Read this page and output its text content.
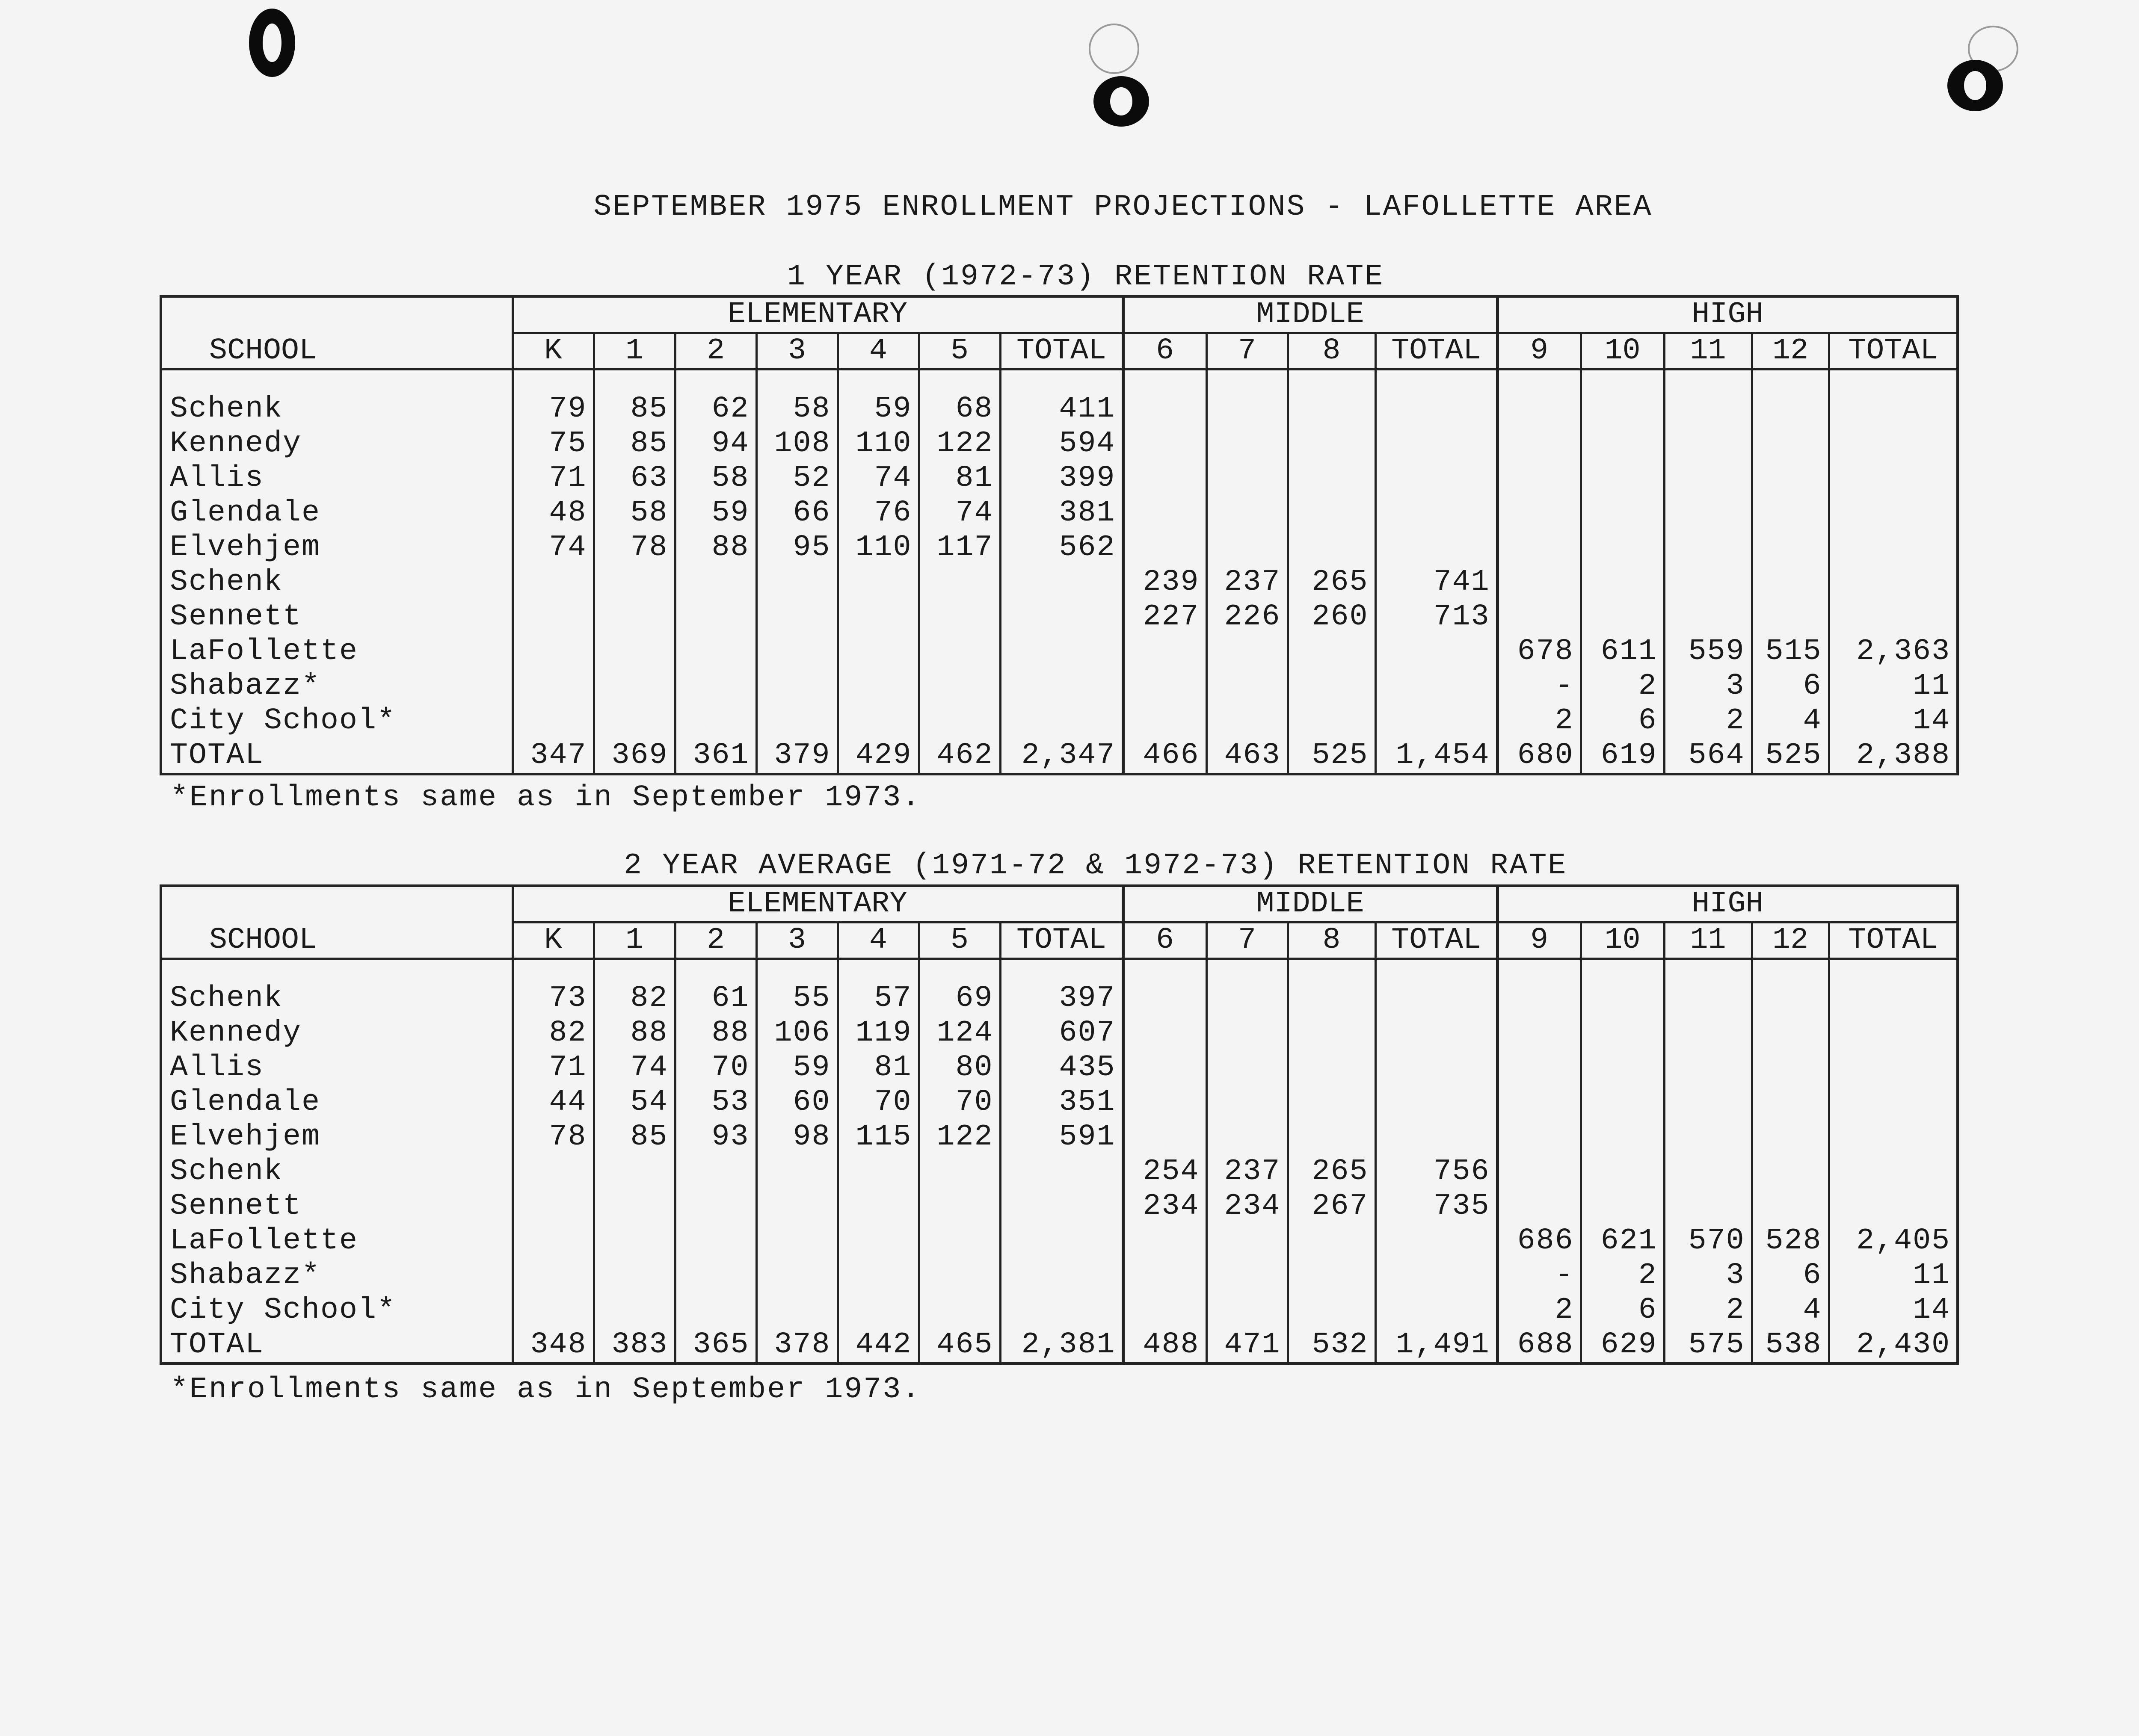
SEPTEMBER 1975 ENROLLMENT PROJECTIONS - LAFOLLETTE AREA
1 YEAR (1972-73) RETENTION RATE
SCHOOL	ELEMENTARY							MIDDLE				HIGH				
	K	1	2	3	4	5	TOTAL	6	7	8	TOTAL	9	10	11	12	TOTAL

Schenk	79	85	62	58	59	68	411									
Kennedy	75	85	94	108	110	122	594									
Allis	71	63	58	52	74	81	399									
Glendale	48	58	59	66	76	74	381									
Elvehjem	74	78	88	95	110	117	562									
Schenk								239	237	265	741					
Sennett								227	226	260	713					
LaFollette												678	611	559	515	2,363
Shabazz*												-	2	3	6	11
City School*												2	6	2	4	14
TOTAL	347	369	361	379	429	462	2,347	466	463	525	1,454	680	619	564	525	2,388
*Enrollments same as in September 1973.
2 YEAR AVERAGE (1971-72 & 1972-73) RETENTION RATE
SCHOOL	ELEMENTARY							MIDDLE				HIGH				
	K	1	2	3	4	5	TOTAL	6	7	8	TOTAL	9	10	11	12	TOTAL

Schenk	73	82	61	55	57	69	397									
Kennedy	82	88	88	106	119	124	607									
Allis	71	74	70	59	81	80	435									
Glendale	44	54	53	60	70	70	351									
Elvehjem	78	85	93	98	115	122	591									
Schenk								254	237	265	756					
Sennett								234	234	267	735					
LaFollette												686	621	570	528	2,405
Shabazz*												-	2	3	6	11
City School*												2	6	2	4	14
TOTAL	348	383	365	378	442	465	2,381	488	471	532	1,491	688	629	575	538	2,430
*Enrollments same as in September 1973.
